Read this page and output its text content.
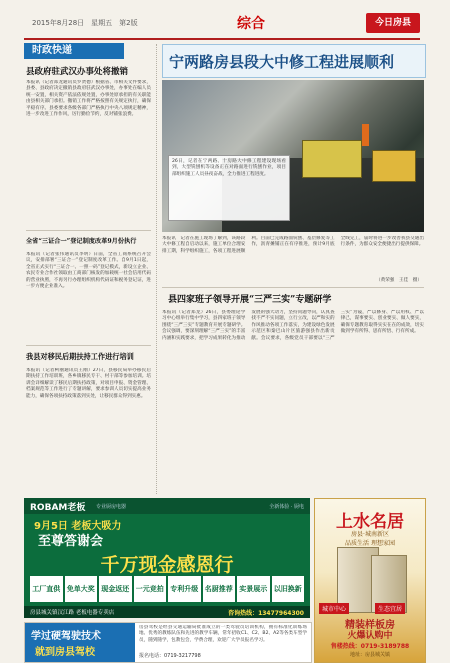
2015年8月28日　星期五　第2版	综合	今日房县
时政快递
县政府驻武汉办事处将撤销
本报讯（记者郑龙通讯员罗贤德）根据省、市相关文件要求，县委、县政府决定撤销县政府驻武汉办事处，办事处在编人员统一安置，相关资产依法依规处置，办事处原承担的有关职能由县相关部门承担。撤销工作将严格按照有关规定执行，确保平稳有序。县委要求各级各部门严格执行中央八项规定精神，进一步改进工作作风，厉行勤俭节约，反对铺张浪费。
全省“三证合一”登记制度改革9月份执行
本报讯（记者张伟通讯员李明）日前，全省工商系统召开会议，安排部署“三证合一”登记制度改革工作。自9月1日起，全省正式实行“三证合一、一照一码”登记模式，新设立企业、农民专业合作社领取由工商部门核发的加载统一社会信用代码的营业执照，不再另行办理组织机构代码证和税务登记证，进一步方便企业准入。
我县对移民后期扶持工作进行培训
本报讯（记者柯丽通讯员王刚）27日，县移民局举办移民后期扶持工作培训班，各乡镇移民专干、村干部等参加培训。培训会详细解读了移民后期扶持政策，对项目申报、资金管理、档案规范等工作进行了专题讲解，要求参训人员切实提高业务能力，确保各项扶持政策落到实处，让移民群众得到实惠。
宁两路房县段大中修工程进展顺利
26日，记者在宁两路、十房路大中修工程建设现场看到，大型铣刨机等设备正在对路面进行铣刨作业，项目部组织施工人员昼夜奋战，全力推进工程进度。
本报讯　记者在施工现场了解到，该路段大中修工程自启动以来，施工单位合理安排工期，科学组织施工，各项工程进展顺利。目前已完成路面铣刨、基层修复等工作，沥青摊铺正在有序推进，预计9月底全线完工，届时将进一步改善我县交通出行条件，为群众安全便捷出行提供保障。
（黄荣强　王佳　摄）
县四家班子领导开展“三严三实”专题研学
本报讯（记者郑龙）26日，县委理论学习中心组举行集中学习，县四家班子领导围绕“三严三实”专题教育开展专题研学。会议强调，要深刻理解“三严三实”的丰富内涵和实践要求，把学习成果转化为推动发展的强大动力，坚持问题导向，认真查找不严不实问题，立行立改，以严和实的作风推动各项工作落实，为建设绿色发展示范区和秦巴山片区旅游强县作出新贡献。会议要求，各级党员干部要以“三严三实”为镜，严以修身、严以用权、严以律己，谋事要实、创业要实、做人要实，确保专题教育取得实实在在的成效，切实做到学有所得、思有所悟、行有所成。
ROBAM老板 专业厨房电器	全新体验 · 厨电
9月5日 老板大吸力
至尊答谢会
千万现金感恩行
工厂直供 免单大奖 现金返还 一元竞拍 专利升级 名厨推荐 实景展示 以旧换新
房县城关镇汉江路 老板电器专卖店	咨询热线：13477964300
学过硬驾驶技术
就到房县驾校
房县驾校是经县交通运输局批准成立的一类驾驶员培训机构，拥有标准化训练场地、优秀的教练队伍和先进的教学车辆，常年招收C1、C2、B2、A2等各类车型学员，随到随学，包教包会，学费合理，欢迎广大学员报名学习。
报名电话：0719-3217798
上水名居
房县·城南新区
品质生活 理想家园
城市中心	生态宜居
精装样板房
火爆认购中
售楼热线：0719-3189788
地址：房县城关镇
